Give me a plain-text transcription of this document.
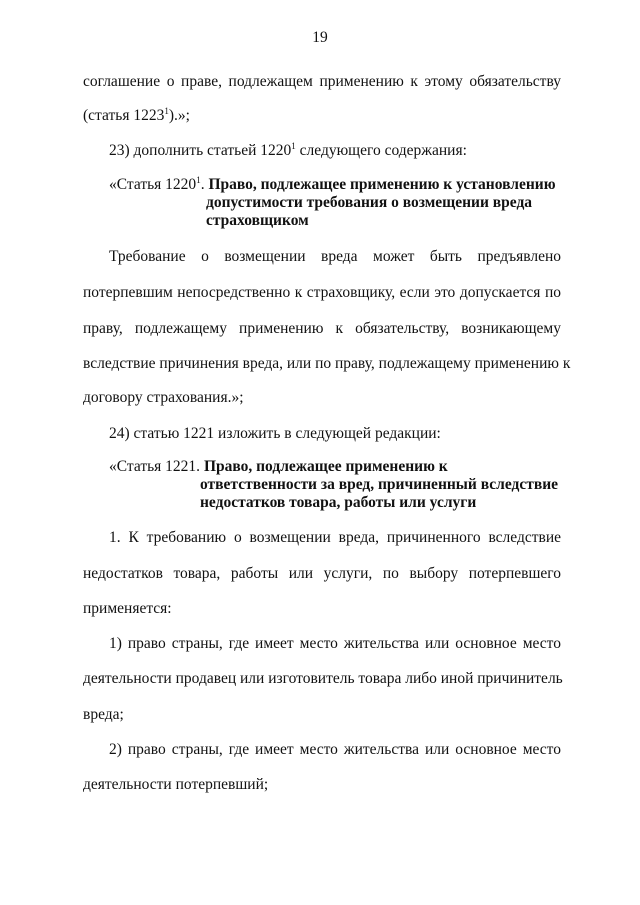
19
соглашение о праве, подлежащем применению к этому обязательству
(статья 1223$^1$).»;
23) дополнить статьей 1220$^1$ следующего содержания:
«Статья 1220$^1$. Право, подлежащее применению к установлению
допустимости требования о возмещении вреда
страховщиком
Требование о возмещении вреда может быть предъявлено
потерпевшим непосредственно к страховщику, если это допускается по
праву, подлежащему применению к обязательству, возникающему
вследствие причинения вреда, или по праву, подлежащему применению к
договору страхования.»;
24) статью 1221 изложить в следующей редакции:
«Статья 1221. Право, подлежащее применению к
ответственности за вред, причиненный вследствие
недостатков товара, работы или услуги
1. К требованию о возмещении вреда, причиненного вследствие
недостатков товара, работы или услуги, по выбору потерпевшего
применяется:
1) право страны, где имеет место жительства или основное место
деятельности продавец или изготовитель товара либо иной причинитель
вреда;
2) право страны, где имеет место жительства или основное место
деятельности потерпевший;
